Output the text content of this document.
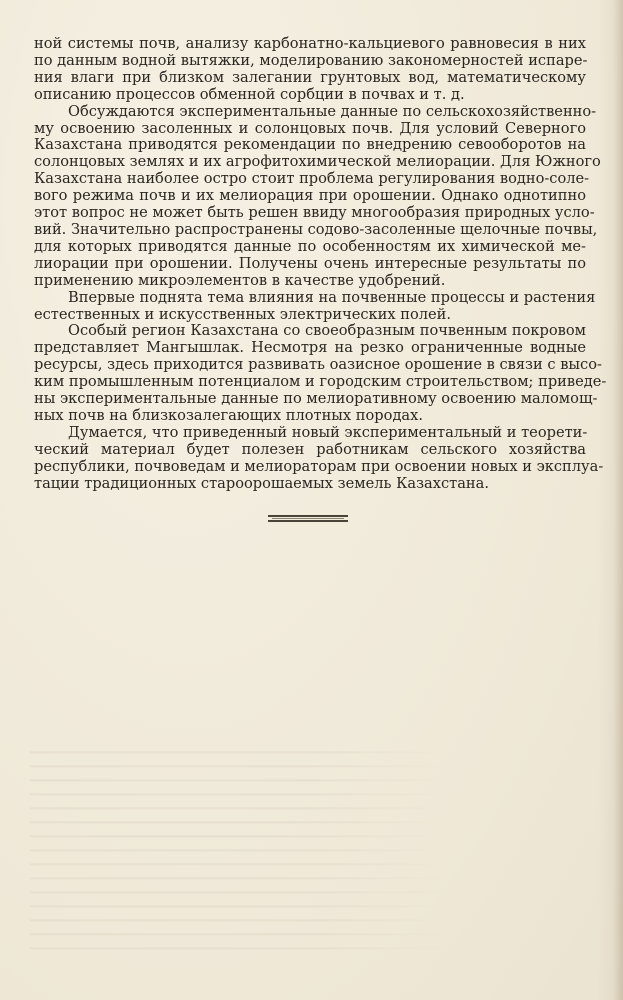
ной системы почв, анализу карбонатно-кальциевого равновесия в них
по данным водной вытяжки, моделированию закономерностей испаре-
ния влаги при близком залегании грунтовых вод, математическому
описанию процессов обменной сорбции в почвах и т. д.

Обсуждаются экспериментальные данные по сельскохозяйственно-
му освоению засоленных и солонцовых почв. Для условий Северного
Казахстана приводятся рекомендации по внедрению севооборотов на
солонцовых землях и их агрофитохимической мелиорации. Для Южного
Казахстана наиболее остро стоит проблема регулирования водно-соле-
вого режима почв и их мелиорация при орошении. Однако однотипно
этот вопрос не может быть решен ввиду многообразия природных усло-
вий. Значительно распространены содово-засоленные щелочные почвы,
для которых приводятся данные по особенностям их химической ме-
лиорации при орошении. Получены очень интересные результаты по
применению микроэлементов в качестве удобрений.

Впервые поднята тема влияния на почвенные процессы и растения
естественных и искусственных электрических полей.

Особый регион Казахстана со своеобразным почвенным покровом
представляет Мангышлак. Несмотря на резко ограниченные водные
ресурсы, здесь приходится развивать оазисное орошение в связи с высо-
ким промышленным потенциалом и городским строительством; приведе-
ны экспериментальные данные по мелиоративному освоению маломощ-
ных почв на близкозалегающих плотных породах.

Думается, что приведенный новый экспериментальный и теорети-
ческий материал будет полезен работникам сельского хозяйства
республики, почвоведам и мелиораторам при освоении новых и эксплуа-
тации традиционных староорошаемых земель Казахстана.
